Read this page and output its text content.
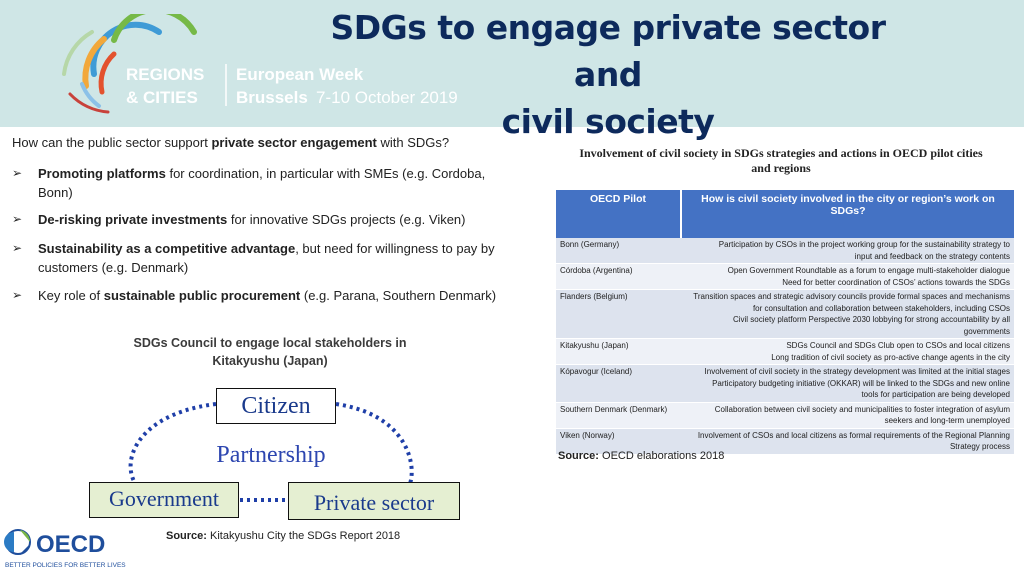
REGIONS
& CITIES
European Week
Brussels 7-10 October 2019
SDGs to engage private sector and
civil society
How can the public sector support private sector engagement with SDGs?
➢ Promoting platforms for coordination, in particular with SMEs (e.g. Cordoba, Bonn)
➢ De-risking private investments for innovative SDGs projects (e.g. Viken)
➢ Sustainability as a competitive advantage, but need for willingness to pay by customers (e.g. Denmark)
➢ Key role of sustainable public procurement (e.g. Parana, Southern Denmark)
SDGs Council to engage local stakeholders in
Kitakyushu (Japan)
Citizen
Partnership
Government	Private sector
Source: Kitakyushu City the SDGs Report 2018
OECD
BETTER POLICIES FOR BETTER LIVES
Involvement of civil society in SDGs strategies and actions in OECD pilot cities
and regions
OECD Pilot	How is civil society involved in the city or region’s work on SDGs?
Bonn (Germany)	Participation by CSOs in the project working group for the sustainability strategy to
input and feedback on the strategy contents

Córdoba (Argentina)	Open Government Roundtable as a forum to engage multi-stakeholder dialogue
Need for better coordination of CSOs’ actions towards the SDGs

Flanders (Belgium)	Transition spaces and strategic advisory councils provide formal spaces and mechanisms
for consultation and collaboration between stakeholders, including CSOs
Civil society platform Perspective 2030 lobbying for strong accountability by all
governments

Kitakyushu (Japan)	SDGs Council and SDGs Club open to CSOs and local citizens
Long tradition of civil society as pro-active change agents in the city

Kópavogur (Iceland)	Involvement of civil society in the strategy development was limited at the initial stages
Participatory budgeting initiative (OKKAR) will be linked to the SDGs and new online
tools for participation are being developed

Southern Denmark (Denmark)	Collaboration between civil society and municipalities to foster integration of asylum
seekers and long-term unemployed

Viken (Norway)	Involvement of CSOs and local citizens as formal requirements of the Regional Planning
Strategy process
Source: OECD elaborations 2018
